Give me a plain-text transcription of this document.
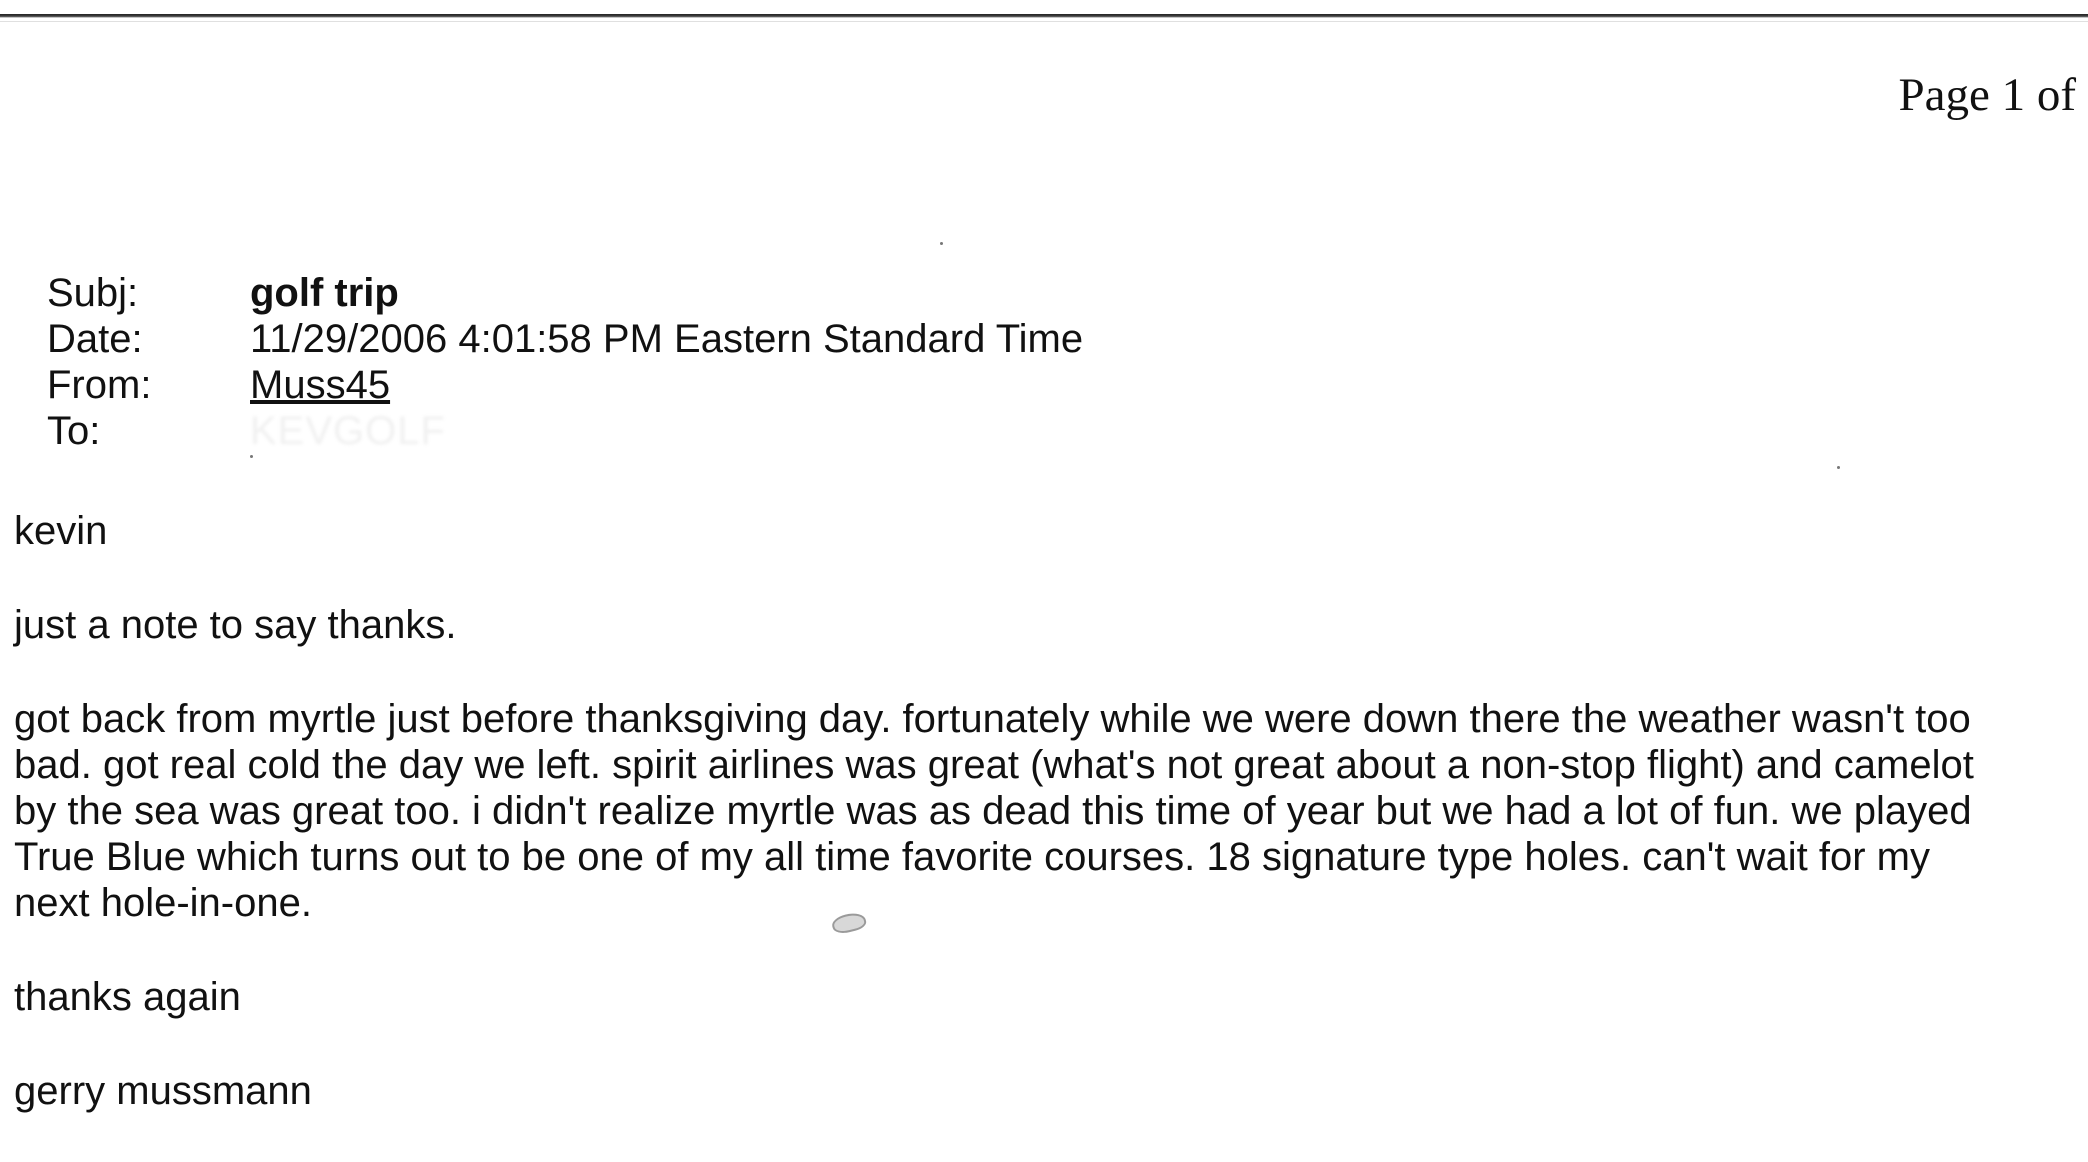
Page 1 of
Subj:	golf trip
Date:	11/29/2006 4:01:58 PM Eastern Standard Time
From:	Muss45
To:	KEVGOLF

kevin

just a note to say thanks.

got back from myrtle just before thanksgiving day. fortunately while we were down there the weather wasn't too
bad. got real cold the day we left. spirit airlines was great (what's not great about a non-stop flight) and camelot
by the sea was great too. i didn't realize myrtle was as dead this time of year but we had a lot of fun. we played
True Blue which turns out to be one of my all time favorite courses. 18 signature type holes. can't wait for my
next hole-in-one.

thanks again

gerry mussmann
